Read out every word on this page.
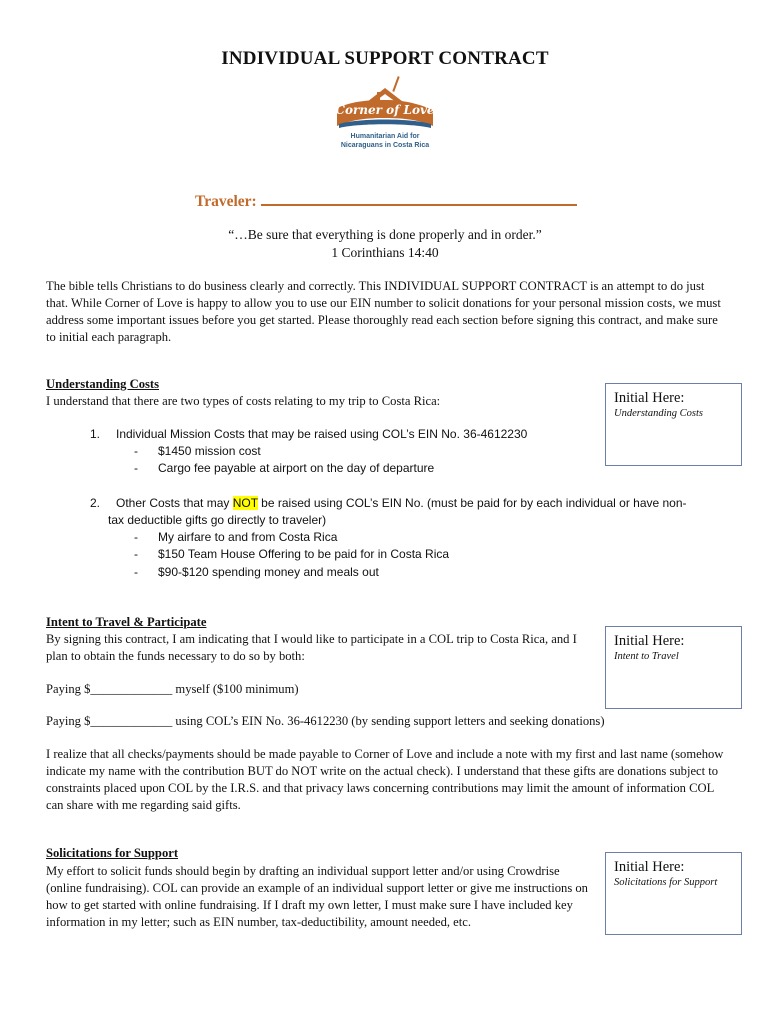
INDIVIDUAL SUPPORT CONTRACT
Corner of Love
Humanitarian Aid for
Nicaraguans in Costa Rica
Traveler:
“…Be sure that everything is done properly and in order.”
1 Corinthians 14:40
The bible tells Christians to do business clearly and correctly. This INDIVIDUAL SUPPORT CONTRACT is an attempt to do just that. While Corner of Love is happy to allow you to use our EIN number to solicit donations for your personal mission costs, we must address some important issues before you get started. Please thoroughly read each section before signing this contract, and make sure to initial each paragraph.
Understanding Costs
I understand that there are two types of costs relating to my trip to Costa Rica:	Initial Here:
Understanding Costs
1. Individual Mission Costs that may be raised using COL’s EIN No. 36-4612230
- $1450 mission cost
- Cargo fee payable at airport on the day of departure
2. Other Costs that may NOT be raised using COL’s EIN No. (must be paid for by each individual or have non-
tax deductible gifts go directly to traveler)
- My airfare to and from Costa Rica
- $150 Team House Offering to be paid for in Costa Rica
- $90-$120 spending money and meals out
Intent to Travel & Participate
By signing this contract, I am indicating that I would like to participate in a COL trip to Costa Rica, and I plan to obtain the funds necessary to do so by both:
Initial Here:
Intent to Travel
Paying $_____________ myself ($100 minimum)
Paying $_____________ using COL’s EIN No. 36-4612230 (by sending support letters and seeking donations)
I realize that all checks/payments should be made payable to Corner of Love and include a note with my first and last name (somehow indicate my name with the contribution BUT do NOT write on the actual check). I understand that these gifts are donations subject to constraints placed upon COL by the I.R.S. and that privacy laws concerning contributions may limit the amount of information COL can share with me regarding said gifts.
Solicitations for Support
My effort to solicit funds should begin by drafting an individual support letter and/or using Crowdrise (online fundraising). COL can provide an example of an individual support letter or give me instructions on how to get started with online fundraising. If I draft my own letter, I must make sure I have included key information in my letter; such as EIN number, tax-deductibility, amount needed, etc.
Initial Here:
Solicitations for Support
